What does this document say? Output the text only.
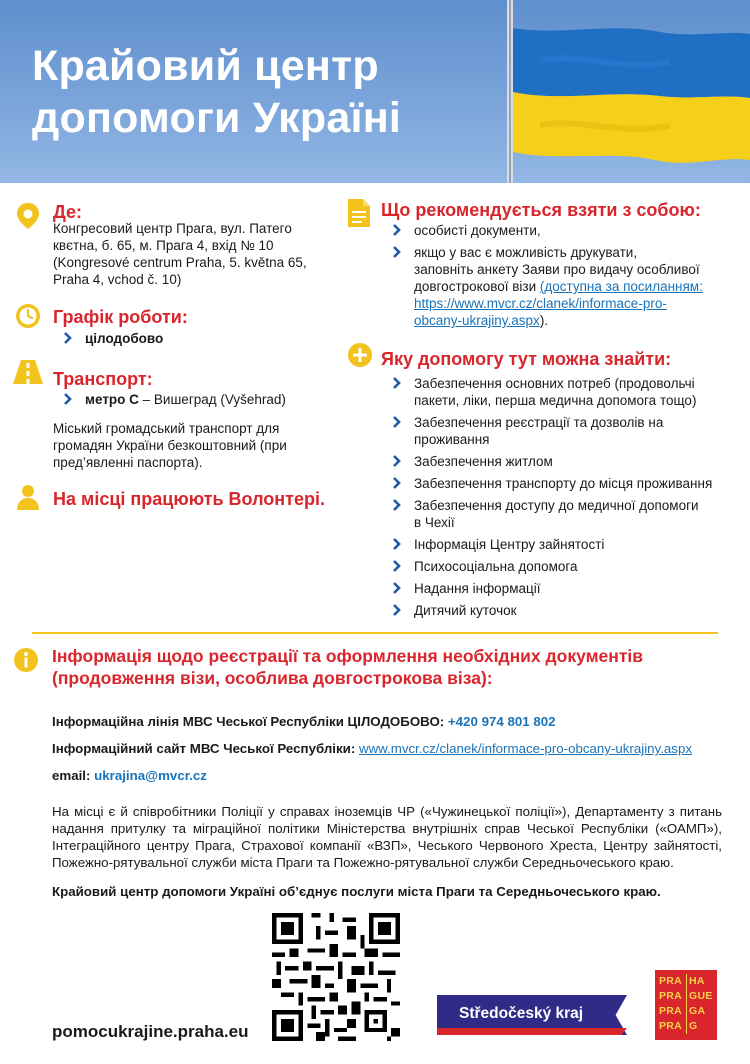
Крайовий центр
допомоги Україні
Де:
Конгресовий центр Прага, вул. Патего
квєтна, б. 65, м. Прага 4, вхід № 10
(Kongresové centrum Praha, 5. května 65,
Praha 4, vchod č. 10)
Графік роботи:
цілодобово
Транспорт:
метро C – Вишеград (Vyšehrad)
Міський громадський транспорт для
громадян України безкоштовний (при
пред’явленні паспорта).
На місці працюють Волонтері.
Що рекомендується взяти з собою:
особисті документи,
якщо у вас є можливість друкувати,
заповніть анкету Заяви про видачу особливої
довгострокової візи (доступна за посиланням:
https://www.mvcr.cz/clanek/informace-pro-
obcany-ukrajiny.aspx).
Яку допомогу тут можна знайти:
Забезпечення основних потреб (продовольчі
пакети, ліки, перша медична допомога тощо)
Забезпечення реєстрації та дозволів на
проживання
Забезпечення житлом
Забезпечення транспорту до місця проживання
Забезпечення доступу до медичної допомоги
в Чехії
Інформація Центру зайнятості
Психосоціальна допомога
Надання інформації
Дитячий куточок
Інформація щодо реєстрації та оформлення необхідних документів
(продовження візи, особлива довгострокова віза):
Інформаційна лінія МВС Чеської Республіки ЦІЛОДОБОВО: +420 974 801 802
Інформаційний сайт МВС Чеської Республіки: www.mvcr.cz/clanek/informace-pro-obcany-ukrajiny.aspx
email: ukrajina@mvcr.cz
На місці є й співробітники Поліції у справах іноземців ЧР («Чужинецької поліції»), Департаменту з питань надання притулку та міграційної політики Міністерства внутрішніх справ Чеської Республіки («ОАМП»), Інтеграційного центру Прага, Страхової компанії «ВЗП», Чеського Червоного Хреста, Центру зайнятості, Пожежно-рятувальної служби міста Праги та Пожежно-рятувальної служби Середньочеського краю.
Крайовий центр допомоги Україні об’єднує послуги міста Праги та Середньочеського краю.
pomocukrajine.praha.eu
Středočeský kraj
PRA
PRA
PRA
PRA
HA
GUE
GA
G
